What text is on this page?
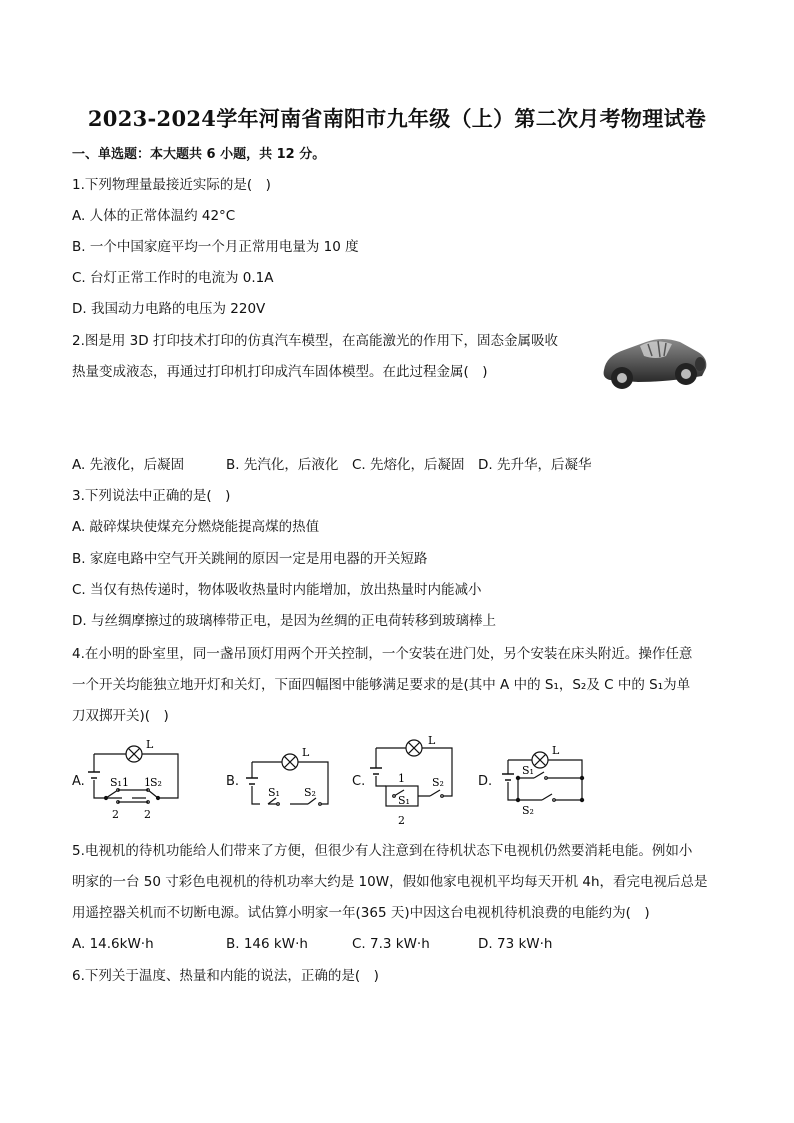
2023-2024学年河南省南阳市九年级（上）第二次月考物理试卷
一、单选题：本大题共 6 小题，共 12 分。
1.下列物理量最接近实际的是(　)
A. 人体的正常体温约 42°C
B. 一个中国家庭平均一个月正常用电量为 10 度
C. 台灯正常工作时的电流为 0.1A
D. 我国动力电路的电压为 220V
2.图是用 3D 打印技术打印的仿真汽车模型，在高能激光的作用下，固态金属吸收
热量变成液态，再通过打印机打印成汽车固体模型。在此过程金属(　)
A. 先液化，后凝固	B. 先汽化，后液化 C. 先熔化，后凝固 D. 先升华，后凝华
3.下列说法中正确的是(　)
A. 敲碎煤块使煤充分燃烧能提高煤的热值
B. 家庭电路中空气开关跳闸的原因一定是用电器的开关短路
C. 当仅有热传递时，物体吸收热量时内能增加，放出热量时内能减小
D. 与丝绸摩擦过的玻璃棒带正电，是因为丝绸的正电荷转移到玻璃棒上
4.在小明的卧室里，同一盏吊顶灯用两个开关控制，一个安装在进门处，另个安装在床头附近。操作任意
一个开关均能独立地开灯和关灯，下面四幅图中能够满足要求的是(其中 A 中的 S₁，S₂及 C 中的 S₁为单
刀双掷开关)(　)
A.
L
S₁1 1 S₂
2 2
B.
L
S₁ S₂
C.
L
1 S₂
S₁
2
D.
L
S₁
S₂
5.电视机的待机功能给人们带来了方便，但很少有人注意到在待机状态下电视机仍然要消耗电能。例如小
明家的一台 50 寸彩色电视机的待机功率大约是 10W，假如他家电视机平均每天开机 4h，看完电视后总是
用遥控器关机而不切断电源。试估算小明家一年(365 天)中因这台电视机待机浪费的电能约为(　)
A. 14.6kW·h	B. 146 kW·h	C. 7.3 kW·h	D. 73 kW·h
6.下列关于温度、热量和内能的说法，正确的是(　)
